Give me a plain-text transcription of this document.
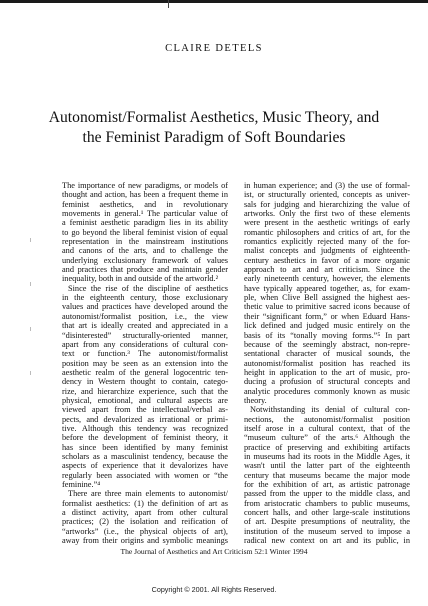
CLAIRE DETELS
Autonomist/Formalist Aesthetics, Music Theory, and
the Feminist Paradigm of Soft Boundaries
The importance of new paradigms, or models of
thought and action, has been a frequent theme in
feminist aesthetics, and in revolutionary
movements in general.¹ The particular value of
a feminist aesthetic paradigm lies in its ability
to go beyond the liberal feminist vision of equal
representation in the mainstream institutions
and canons of the arts, and to challenge the
underlying exclusionary framework of values
and practices that produce and maintain gender
inequality, both in and outside of the artworld.²
Since the rise of the discipline of aesthetics
in the eighteenth century, those exclusionary
values and practices have developed around the
autonomist/formalist position, i.e., the view
that art is ideally created and appreciated in a
“disinterested” structurally-oriented manner,
apart from any considerations of cultural con-
text or function.³ The autonomist/formalist
position may be seen as an extension into the
aesthetic realm of the general logocentric ten-
dency in Western thought to contain, catego-
rize, and hierarchize experience, such that the
physical, emotional, and cultural aspects are
viewed apart from the intellectual/verbal as-
pects, and devalorized as irrational or primi-
tive. Although this tendency was recognized
before the development of feminist theory, it
has since been identified by many feminist
scholars as a masculinist tendency, because the
aspects of experience that it devalorizes have
regularly been associated with women or “the
feminine.”⁴
There are three main elements to autonomist/
formalist aesthetics: (1) the definition of art as
a distinct activity, apart from other cultural
practices; (2) the isolation and reification of
“artworks” (i.e., the physical objects of art),
away from their origins and symbolic meanings
in human experience; and (3) the use of formal-
ist, or structurally oriented, concepts as univer-
sals for judging and hierarchizing the value of
artworks. Only the first two of these elements
were present in the aesthetic writings of early
romantic philosophers and critics of art, for the
romantics explicitly rejected many of the for-
malist concepts and judgments of eighteenth-
century aesthetics in favor of a more organic
approach to art and art criticism. Since the
early nineteenth century, however, the elements
have typically appeared together, as, for exam-
ple, when Clive Bell assigned the highest aes-
thetic value to primitive sacred icons because of
their “significant form,” or when Eduard Hans-
lick defined and judged music entirely on the
basis of its “tonally moving forms.”⁵ In part
because of the seemingly abstract, non-repre-
sentational character of musical sounds, the
autonomist/formalist position has reached its
height in application to the art of music, pro-
ducing a profusion of structural concepts and
analytic procedures commonly known as music
theory.
Notwithstanding its denial of cultural con-
nections, the autonomist/formalist position
itself arose in a cultural context, that of the
“museum culture” of the arts.⁶ Although the
practice of preserving and exhibiting artifacts
in museums had its roots in the Middle Ages, it
wasn't until the latter part of the eighteenth
century that museums became the major mode
for the exhibition of art, as artistic patronage
passed from the upper to the middle class, and
from aristocratic chambers to public museums,
concert halls, and other large-scale institutions
of art. Despite presumptions of neutrality, the
institution of the museum served to impose a
radical new context on art and its public, in
The Journal of Aesthetics and Art Criticism 52:1 Winter 1994
Copyright © 2001. All Rights Reserved.
